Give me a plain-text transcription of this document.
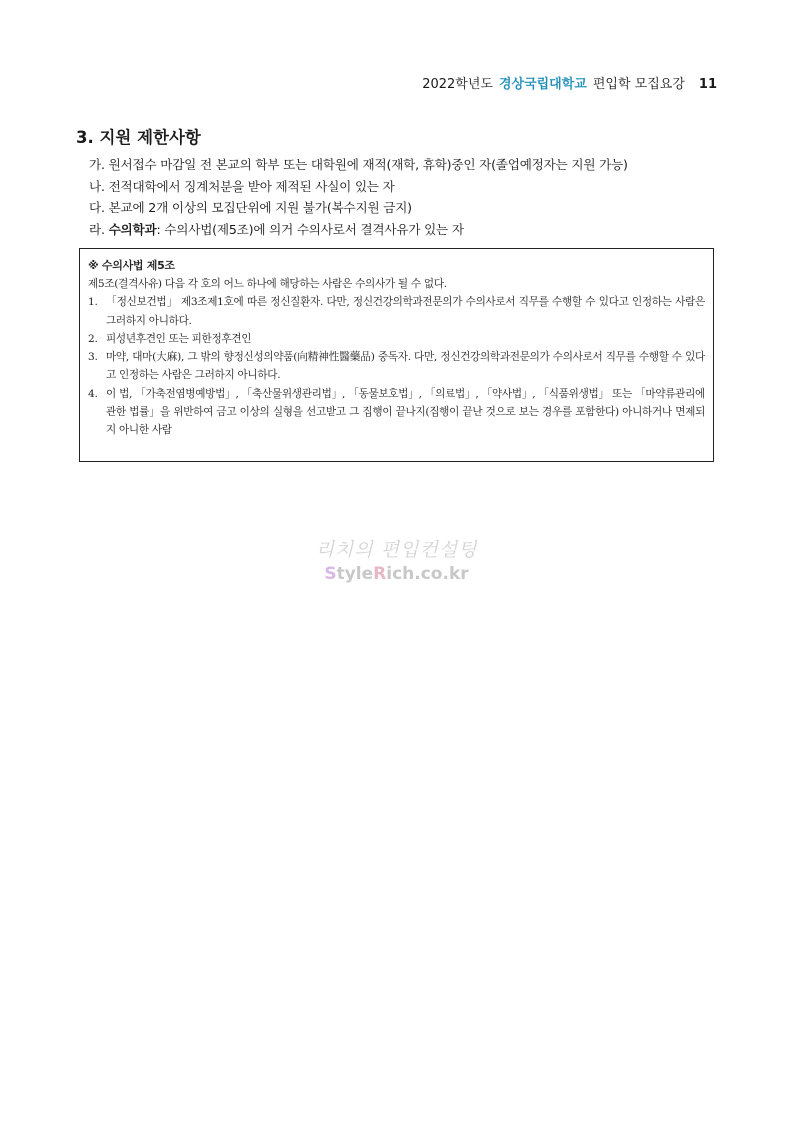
2022학년도 경상국립대학교 편입학 모집요강 11
3. 지원 제한사항
가. 원서접수 마감일 전 본교의 학부 또는 대학원에 재적(재학, 휴학)중인 자(졸업예정자는 지원 가능)
나. 전적대학에서 징계처분을 받아 제적된 사실이 있는 자
다. 본교에 2개 이상의 모집단위에 지원 불가(복수지원 금지)
라. 수의학과: 수의사법(제5조)에 의거 수의사로서 결격사유가 있는 자
※ 수의사법 제5조
제5조(결격사유) 다음 각 호의 어느 하나에 해당하는 사람은 수의사가 될 수 없다.
1. 「정신보건법」 제3조제1호에 따른 정신질환자. 다만, 정신건강의학과전문의가 수의사로서 직무를 수행할 수 있다고 인정하는 사람은 그러하지 아니하다.
2. 피성년후견인 또는 피한정후견인
3. 마약, 대마(大麻), 그 밖의 향정신성의약품(向精神性醫藥品) 중독자. 다만, 정신건강의학과전문의가 수의사로서 직무를 수행할 수 있다고 인정하는 사람은 그러하지 아니하다.
4. 이 법, 「가축전염병예방법」, 「축산물위생관리법」, 「동물보호법」, 「의료법」, 「약사법」, 「식품위생법」 또는 「마약류관리에 관한 법률」을 위반하여 금고 이상의 실형을 선고받고 그 집행이 끝나지(집행이 끝난 것으로 보는 경우를 포함한다) 아니하거나 면제되지 아니한 사람
리치의 편입컨설팅
StyleRich.co.kr
